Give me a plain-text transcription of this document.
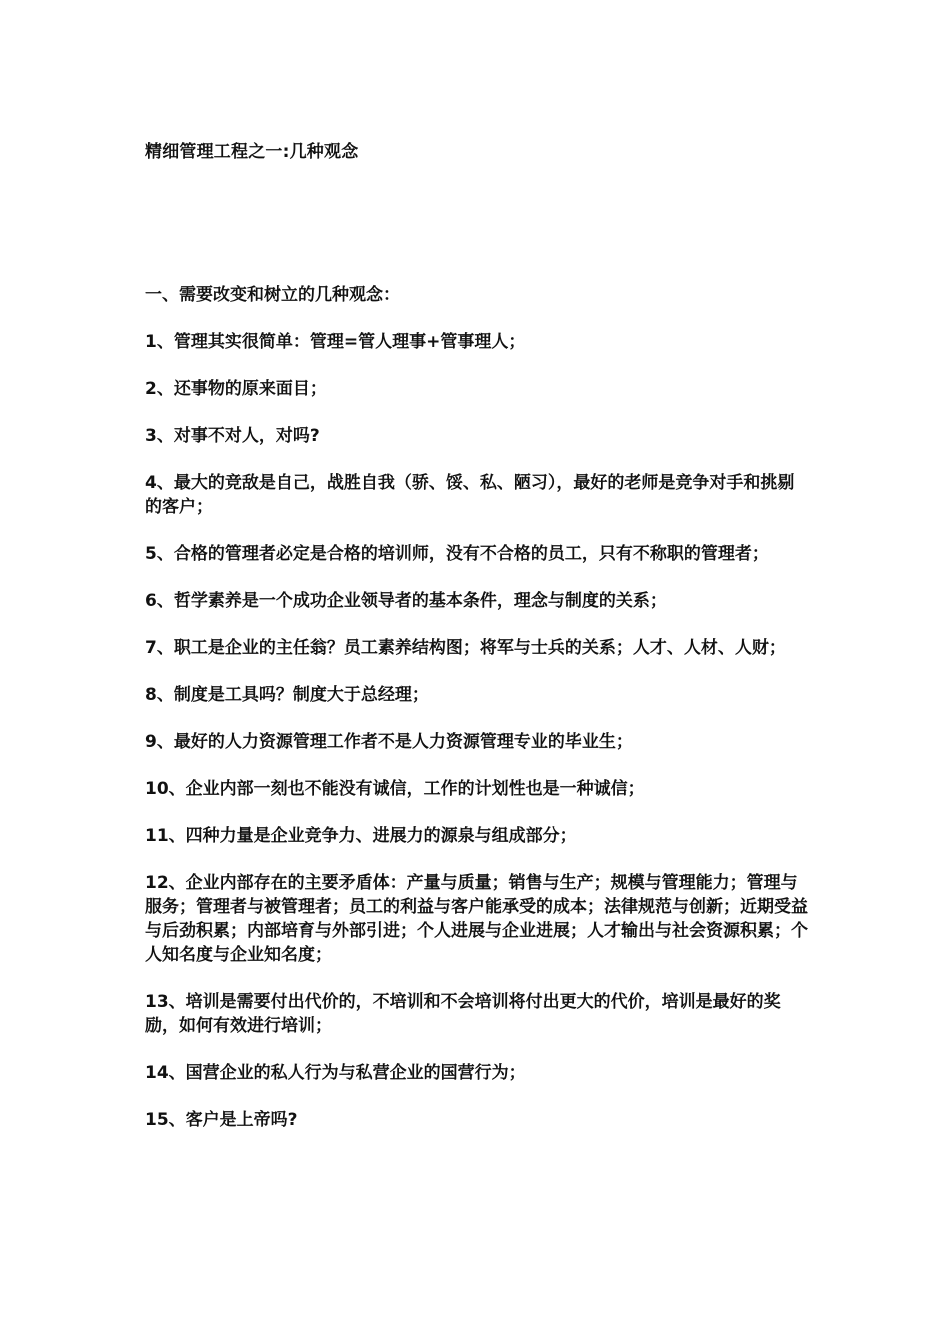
精细管理工程之一:几种观念

一、需要改变和树立的几种观念：

1、管理其实很简单：管理=管人理事+管事理人；

2、还事物的原来面目；

3、对事不对人，对吗?

4、最大的竞敌是自己，战胜自我（骄、馁、私、陋习），最好的老师是竞争对手和挑剔的客户；

5、合格的管理者必定是合格的培训师，没有不合格的员工，只有不称职的管理者；

6、哲学素养是一个成功企业领导者的基本条件，理念与制度的关系；

7、职工是企业的主任翁？员工素养结构图；将军与士兵的关系；人才、人材、人财；

8、制度是工具吗？制度大于总经理；

9、最好的人力资源管理工作者不是人力资源管理专业的毕业生；

10、企业内部一刻也不能没有诚信，工作的计划性也是一种诚信；

11、四种力量是企业竞争力、进展力的源泉与组成部分；

12、企业内部存在的主要矛盾体：产量与质量；销售与生产；规模与管理能力；管理与服务；管理者与被管理者；员工的利益与客户能承受的成本；法律规范与创新；近期受益与后劲积累；内部培育与外部引进；个人进展与企业进展；人才输出与社会资源积累；个人知名度与企业知名度；

13、培训是需要付出代价的，不培训和不会培训将付出更大的代价，培训是最好的奖励，如何有效进行培训；

14、国营企业的私人行为与私营企业的国营行为；

15、客户是上帝吗?
